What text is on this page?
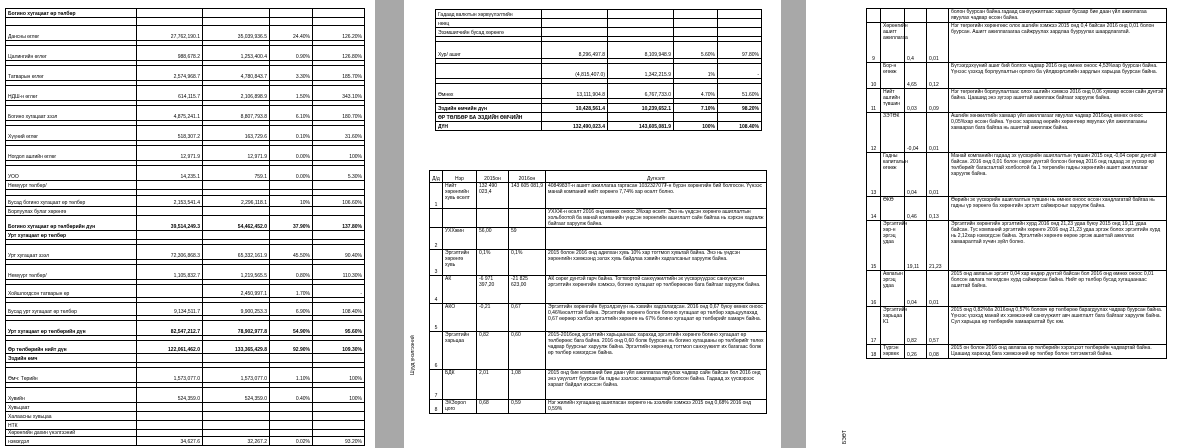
Богино хугацаат өр төлбөр				

Дансны өглөг	27,762,190.1	35,039,936.5	24.40%	126.20%

Цалингийн өглөг	988,678.2	1,253,400.4	0.90%	126.80%

Татварын өглөг	2,574,968.7	4,780,843.7	3.30%	185.70%

НДШ-н өглөг	614,115.7	2,106,898.9	1.50%	343.10%

Богино хугацаат зээл	4,875,241.1	8,807,793.8	6.10%	180.70%

Хүүний өглөг	518,307.2	163,729.6	0.10%	31.60%

Ногдол ашгийн өглөг	12,971.9	12,971.9	0.00%	100%

УОО	14,235.1	759.1	0.00%	5.30%
Немүүрг төлбөр/				

Бусад богино хугацаат өр төлбөр	2,153,541.4	2,296,118.1	10%	106.60%
Борлуулах булаг хөрөнгө				
Богино хугацаат өр төлбөрийн дүн	39,514,249.3	54,462,452.0	37.90%	137.80%
Урт хугацаат өр төлбөр				

Урт хугацаат зээл	72,306,868.3	65,332,161.9	45.50%	90.40%

Немүүрг төлбөр/	1,105,832.7	1,219,565.5	0.80%	110.30%

Хойшлогдсон татварын өр		2,450,997.1	1.70%	-

Бусад урт хугацаат өр төлбөр	9,134,511.7	9,900,253.3	6.90%	108.40%

Урт хугацаат өр төлбөрийн дүн	82,547,212.7	78,902,977.8	54.90%	95.60%

Өр төлбөрийн нийт дүн	122,061,462.0	133,365,429.8	92.90%	109.30%
Эздийн өмч				

Өмч: Төрийн	1,573,077.0	1,573,077.0	1.10%	100%

Хувийн	524,359.0	524,359.0	0.40%	100%
Хувьцаат				
Халаасны хувьцаа				
НТК				
Хөрөнгийн дахин үнэлгээний				
нэмэгдэл	34,627.6	32,267.2	0.02%	93.20%
Гадаад валютын хөрвүүлэлтийн				
нөөц				
Эзэмшигчийн бусад хөрөнгө				

Хур/ ашиг	8,296,497.8	8,109,948.9	5.60%	97.80%

	(4,815,407.0)	1,342,215.9	1%	-

Өмнөх	13,111,904.8	6,767,733.0	4.70%	51.60%

Эздийн өмчийн дүн	10,428,561.4	10,239,652.1	7.10%	98.20%
ӨР ТӨЛБӨР БА ЭЗДИЙН ӨМЧИЙН				
ДҮН	132,490,023.4	143,605,081.9	100%	108.40%
Д/д	Нэр	2015он	2016он	Дүгнэлт
1	Нийт хөрөнгийн хувь өсөлт	132 490 023,4	143 605 081,9	4084983Т-н ашигт ажиллагаа гаргасан 103232707₮-н бүрэн хөрөнгийн бий болгосон. Үүнээс манай компаний нийт хөрөнгө 7,74% хар өсөлт болно.
				УХХЖ-н өсөлт 2016 онд өмнөх оноос 3%хар өсөлт. Энэ нь үндсэн хөрөнгө ашиглалтын хольбоотой ба манай компанийн үндсэн хөрөнгийн ашиглалт сайн байгаа нь хэрхэн хадгалж байгааг харуулж байна.
2	УХХжин	56,00	59	
3	Эргэлтийн хөрөнгө хувь	0,1%	0,1%	2015 болон 2016 онд адилхан хувь 10% хар тогтмол хувьтай байна. Энэ нь үндсэн хөрөнгийн хэмжээнд эзлэх хувь байдлаа хэвийн хадгалсаныг харуулж байна.
4	АК	-6 971 397,20	-21 825 623,00	АК сөрөг дүнтэй гарч байна. Тогтвортой санхүүжилтийн эх үүсвэрүүдээс санхүүжсэн эргэлтийн хөрөнгийн хэмжээ, богино хугацаат өр төлбөрөөсөө бага байгааг харуулж байна.
5	АКО	-0,21	0,67	Эргэлтийн хөрөнгийн бүрэлдэхүүн нь хэвийн хадгалагдсан. 2016 онд 0,67 буюу өмнөх оноос 0,46%өсөлттэй байна. Эргэлтийн хөрөнгө болон богино хугацаат өр төлбөр харьцуулахад 0,67 өөрөөр хэлбэл эргэлтийн хөрөнгө нь 67% богино хугацаат өр төлбөрийг хамарч байна.
6	Эргэлтийн харьцаа	0,82	0,60	2015-2016онд эргэлтийн харьцаанаас харахад эргэлтийн хөрөнгө богино хугацаат өр төлбөрөөс бага байна. 2016 онд 0,60 болж буурсан нь богино хугацааны өр төлбөрийг төлөх чадвар буурсныг харуулж байна. Эргэлтийн хөрөнгөд тогтмол санхүүжилт их багагаас болж өр төлбөр нэмэгдсэн байна.
7	БДК	2,01	1,08	2015 онд бие компаний бие даан үйл ажиллагаа явуулах чадвар сайн байсан бол 2016 онд энэ үзүүлэлт буурсан ба гадны зээлээс хамааралтай болсон байна. Гадаад эх үүсвэрээс хараат байдал ихэссэн байна.
8	ЭХЗорол цого	0,68	0,59	Нэг жилийн хугацаанд ашигласан хөрөнгө нь зээлийн хэмжээ 2015 онд 0,68% 2016 онд 0,59%
Шууд үнэлгээний
				болон буурсан байна.гадаад санхүүжилтаас хараат бусаар бие даан үйл ажиллагаа явуулах чадвар өссөн байна.
9	Хөрөнгийн ашигт ажиллагаа	0,4	0,01	Нэг төгрөгийн хөрөнгөөс олох ашгийн хэмжээ 2015 онд 0,4 байсан 2016 онд 0,01 болон буурсан. Ашигт ажиллагаагаа сайжруулах зардлаа бууруулах шаардлагатай.
10	Бор-н өгөөж	4,65	0,12	Бүтээгдэхүүний ашиг бий болгох чадвар 2016 онд өмнөх оноос 4,53%хар буурсан байна. Үүнээс үзэхэд борлуулалтын орлого ба үйлдвэрлэлийн зардлын харьцаа буурсан байна.
11	Нийт ашгийн түвшин	0,03	0,09	Нэг төгрөгийн борлуулалтаас олох ашгийн хэмжээ 2016 онд 0,06 хувиар өссөн сайн дүнтэй байна. Цаашид энэ зүгээр ашигтай ажиллаж байгааг харуулж байна.
12	ЗЭТӨК	-0,04	0,01	Ашгийн хөнжилтийн хамаар үйл ажиллагааг явуулах чадвар 2016онд өмнөх оноос 0,05%хар өссөн байна. Үүнээс харахад өөрийн хөрөнгөөр явуулах үйл ажиллагааны хамаарал бага байгаа нь ашигтай ажиллаж байна.
13	Гадны капиталын өгөөж	0,04	0,01	Манай компанийн гадаад эх үүсвэрийн ашиглалтын түвшин 2015 онд -0,04 сөрөг дүнтэй байсан. 2016 онд 0,01 болон сөрөг дүнтэй болсон бөгөөд 2016 онд гадаад эх үүсвэр өр төлбөрийг багасгалтай холбоотой ба 1 төгрөгийн гадны хөрөнгийн ашигт ажиллагааг харуулж байна.
14	ӨКӨ	0,46	0,13	Өөрийн эх үүсвэрийн ашиглалтын түвшин нь өмнөх оноос өссөн хандлагатай байгаа нь гадны үр хөрөнгө ба хөрөнгийн эргэлт сайжирсныг харуулж байна.
15	Эргэлтийн хөр-н эргэц удаа	19,11	21,23	Эргэлтийн хөрөнгийн эргэлтийн хурд 2016 онд 21,23 удаа буюу 2015 онд 19,11 удаа байсан. Тус компаний эргэлтийн хөрөнгө 2016 онд 21,23 удаа эргэж болох эргэлтийн хурд нь 2,12хар нэмэгдсэн байна. Эргэлтийн хөрөнгө өөрөө эргэж ашигтай ажиллах хамааралтай хүчин зүйл болно.
16	Авлагын эргэц удаа	0,04	0,01	2015 онд авлагын эргэлт 0,04 хар өндөр дүнтэй байсан бол 2016 онд өмнөх оноос 0,01 болсон авлага төлөгдсөн хурд сайжирсан байна. Нийт өр төлбөр бусад хугацаанаас ашигтай байна.
17	Эргэлтийн харьцаа К1	0,82	0,57	2015 онд 0,82%ба 2016онд 0,57% боловч өр төлбөрөө барагдуулах чадвар буурсан байна. Үүнээс үзэхэд манай их хэмжээний санхүүжилт авч ашиглалт бага байгааг харуулж байна. Сул харьцаа өр төлбөрийн хамааралтай бус юм.
18	Түргэн хөрвөх	0,26	0,08	2015 он болон 2016 онд авлагаа өр төлбөрийн хэрэгцээт төлбөрийн чадвартай байна. Цаашид харахад бага хэмжээний өр төлбөр болон тэтгэмжтэй байна.
БЭӨТ
